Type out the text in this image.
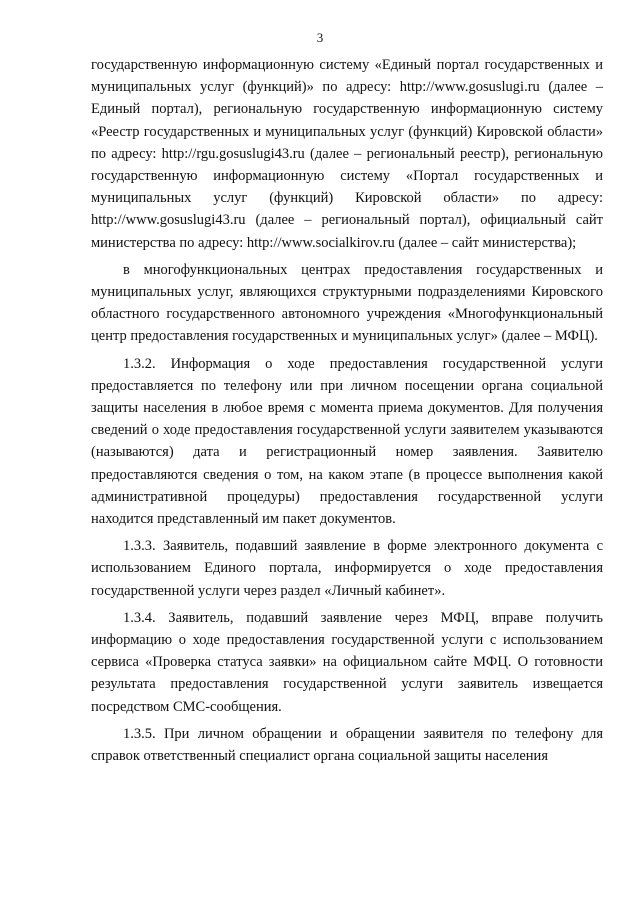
3

государственную информационную систему «Единый портал государственных и муниципальных услуг (функций)» по адресу: http://www.gosuslugi.ru (далее – Единый портал), региональную государственную информационную систему «Реестр государственных и муниципальных услуг (функций) Кировской области» по адресу: http://rgu.gosuslugi43.ru (далее – региональный реестр), региональную государственную информационную систему «Портал государственных и муниципальных услуг (функций) Кировской области» по адресу: http://www.gosuslugi43.ru (далее – региональный портал), официальный сайт министерства по адресу: http://www.socialkirov.ru (далее – сайт министерства);

в многофункциональных центрах предоставления государственных и муниципальных услуг, являющихся структурными подразделениями Кировского областного государственного автономного учреждения «Многофункциональный центр предоставления государственных и муниципальных услуг» (далее – МФЦ).

1.3.2. Информация о ходе предоставления государственной услуги предоставляется по телефону или при личном посещении органа социальной защиты населения в любое время с момента приема документов. Для получения сведений о ходе предоставления государственной услуги заявителем указываются (называются) дата и регистрационный номер заявления. Заявителю предоставляются сведения о том, на каком этапе (в процессе выполнения какой административной процедуры) предоставления государственной услуги находится представленный им пакет документов.

1.3.3. Заявитель, подавший заявление в форме электронного документа с использованием Единого портала, информируется о ходе предоставления государственной услуги через раздел «Личный кабинет».

1.3.4. Заявитель, подавший заявление через МФЦ, вправе получить информацию о ходе предоставления государственной услуги с использованием сервиса «Проверка статуса заявки» на официальном сайте МФЦ. О готовности результата предоставления государственной услуги заявитель извещается посредством СМС-сообщения.

1.3.5. При личном обращении и обращении заявителя по телефону для справок ответственный специалист органа социальной защиты населения
